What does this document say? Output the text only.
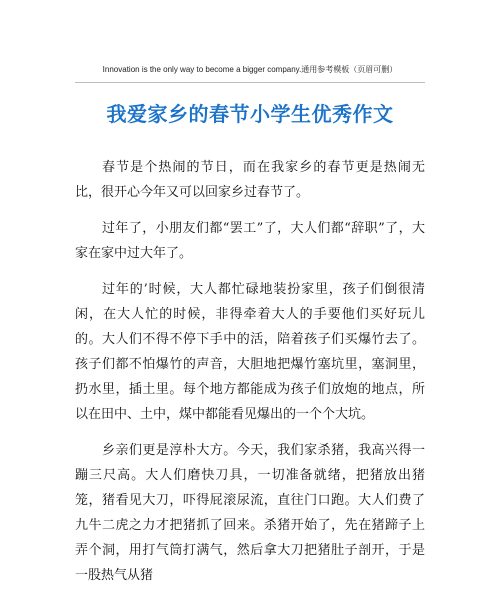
Innovation is the only way to become a bigger company.通用参考模板（页眉可删）
我爱家乡的春节小学生优秀作文

春节是个热闹的节日，而在我家乡的春节更是热闹无比，很开心今年又可以回家乡过春节了。

过年了，小朋友们都“罢工”了，大人们都“辞职”了，大家在家中过大年了。

过年的’时候，大人都忙碌地装扮家里，孩子们倒很清闲，在大人忙的时候，非得牵着大人的手要他们买好玩儿的。大人们不得不停下手中的活，陪着孩子们买爆竹去了。孩子们都不怕爆竹的声音，大胆地把爆竹塞坑里，塞洞里，扔水里，插土里。每个地方都能成为孩子们放炮的地点，所以在田中、土中，煤中都能看见爆出的一个个大坑。

乡亲们更是淳朴大方。今天，我们家杀猪，我高兴得一蹦三尺高。大人们磨快刀具，一切准备就绪，把猪放出猪笼，猪看见大刀，吓得屁滚尿流，直往门口跑。大人们费了九牛二虎之力才把猪抓了回来。杀猪开始了，先在猪蹄子上弄个洞，用打气筒打满气，然后拿大刀把猪肚子剖开，于是一股热气从猪
